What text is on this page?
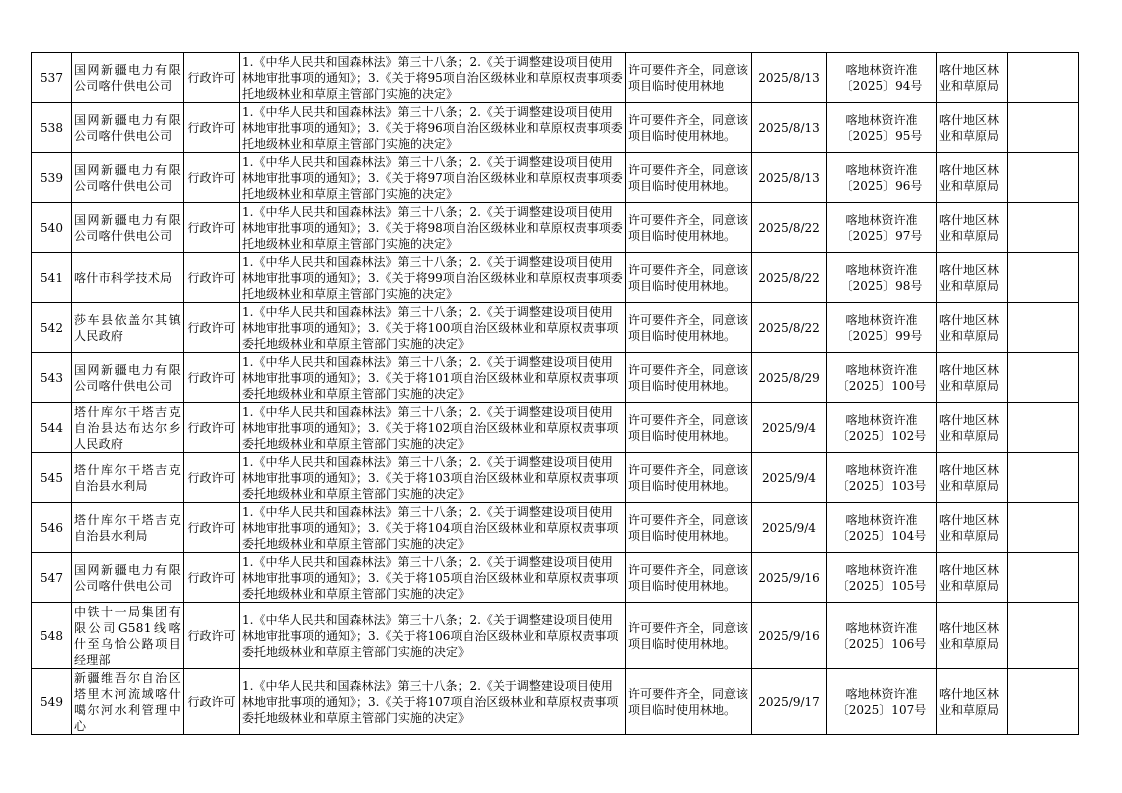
537	国网新疆电力有限公司喀什供电公司	行政许可	1.《中华人民共和国森林法》第三十八条；2.《关于调整建设项目使用林地审批事项的通知》；3.《关于将95项自治区级林业和草原权责事项委托地级林业和草原主管部门实施的决定》	许可要件齐全，同意该项目临时使用林地	2025/8/13	喀地林资许准〔2025〕94号	喀什地区林业和草原局	

538	国网新疆电力有限公司喀什供电公司	行政许可	1.《中华人民共和国森林法》第三十八条；2.《关于调整建设项目使用林地审批事项的通知》；3.《关于将96项自治区级林业和草原权责事项委托地级林业和草原主管部门实施的决定》	许可要件齐全，同意该项目临时使用林地。	2025/8/13	喀地林资许准〔2025〕95号	喀什地区林业和草原局	

539	国网新疆电力有限公司喀什供电公司	行政许可	1.《中华人民共和国森林法》第三十八条；2.《关于调整建设项目使用林地审批事项的通知》；3.《关于将97项自治区级林业和草原权责事项委托地级林业和草原主管部门实施的决定》	许可要件齐全，同意该项目临时使用林地。	2025/8/13	喀地林资许准〔2025〕96号	喀什地区林业和草原局	

540	国网新疆电力有限公司喀什供电公司	行政许可	1.《中华人民共和国森林法》第三十八条；2.《关于调整建设项目使用林地审批事项的通知》；3.《关于将98项自治区级林业和草原权责事项委托地级林业和草原主管部门实施的决定》	许可要件齐全，同意该项目临时使用林地。	2025/8/22	喀地林资许准〔2025〕97号	喀什地区林业和草原局	

541	喀什市科学技术局	行政许可	1.《中华人民共和国森林法》第三十八条；2.《关于调整建设项目使用林地审批事项的通知》；3.《关于将99项自治区级林业和草原权责事项委托地级林业和草原主管部门实施的决定》	许可要件齐全，同意该项目临时使用林地。	2025/8/22	喀地林资许准〔2025〕98号	喀什地区林业和草原局	

542	莎车县依盖尔其镇人民政府	行政许可	1.《中华人民共和国森林法》第三十八条；2.《关于调整建设项目使用林地审批事项的通知》；3.《关于将100项自治区级林业和草原权责事项委托地级林业和草原主管部门实施的决定》	许可要件齐全，同意该项目临时使用林地。	2025/8/22	喀地林资许准〔2025〕99号	喀什地区林业和草原局	

543	国网新疆电力有限公司喀什供电公司	行政许可	1.《中华人民共和国森林法》第三十八条；2.《关于调整建设项目使用林地审批事项的通知》；3.《关于将101项自治区级林业和草原权责事项委托地级林业和草原主管部门实施的决定》	许可要件齐全，同意该项目临时使用林地。	2025/8/29	喀地林资许准〔2025〕100号	喀什地区林业和草原局	

544	塔什库尔干塔吉克自治县达布达尔乡人民政府	行政许可	1.《中华人民共和国森林法》第三十八条；2.《关于调整建设项目使用林地审批事项的通知》；3.《关于将102项自治区级林业和草原权责事项委托地级林业和草原主管部门实施的决定》	许可要件齐全，同意该项目临时使用林地。	2025/9/4	喀地林资许准〔2025〕102号	喀什地区林业和草原局	

545	塔什库尔干塔吉克自治县水利局	行政许可	1.《中华人民共和国森林法》第三十八条；2.《关于调整建设项目使用林地审批事项的通知》；3.《关于将103项自治区级林业和草原权责事项委托地级林业和草原主管部门实施的决定》	许可要件齐全，同意该项目临时使用林地。	2025/9/4	喀地林资许准〔2025〕103号	喀什地区林业和草原局	

546	塔什库尔干塔吉克自治县水利局	行政许可	1.《中华人民共和国森林法》第三十八条；2.《关于调整建设项目使用林地审批事项的通知》；3.《关于将104项自治区级林业和草原权责事项委托地级林业和草原主管部门实施的决定》	许可要件齐全，同意该项目临时使用林地。	2025/9/4	喀地林资许准〔2025〕104号	喀什地区林业和草原局	

547	国网新疆电力有限公司喀什供电公司	行政许可	1.《中华人民共和国森林法》第三十八条；2.《关于调整建设项目使用林地审批事项的通知》；3.《关于将105项自治区级林业和草原权责事项委托地级林业和草原主管部门实施的决定》	许可要件齐全，同意该项目临时使用林地。	2025/9/16	喀地林资许准〔2025〕105号	喀什地区林业和草原局	

548	中铁十一局集团有限公司G581线喀什至乌恰公路项目经理部	行政许可	1.《中华人民共和国森林法》第三十八条；2.《关于调整建设项目使用林地审批事项的通知》；3.《关于将106项自治区级林业和草原权责事项委托地级林业和草原主管部门实施的决定》	许可要件齐全，同意该项目临时使用林地。	2025/9/16	喀地林资许准〔2025〕106号	喀什地区林业和草原局	

549	新疆维吾尔自治区塔里木河流域喀什噶尔河水利管理中心	行政许可	1.《中华人民共和国森林法》第三十八条；2.《关于调整建设项目使用林地审批事项的通知》；3.《关于将107项自治区级林业和草原权责事项委托地级林业和草原主管部门实施的决定》	许可要件齐全，同意该项目临时使用林地。	2025/9/17	喀地林资许准〔2025〕107号	喀什地区林业和草原局	
